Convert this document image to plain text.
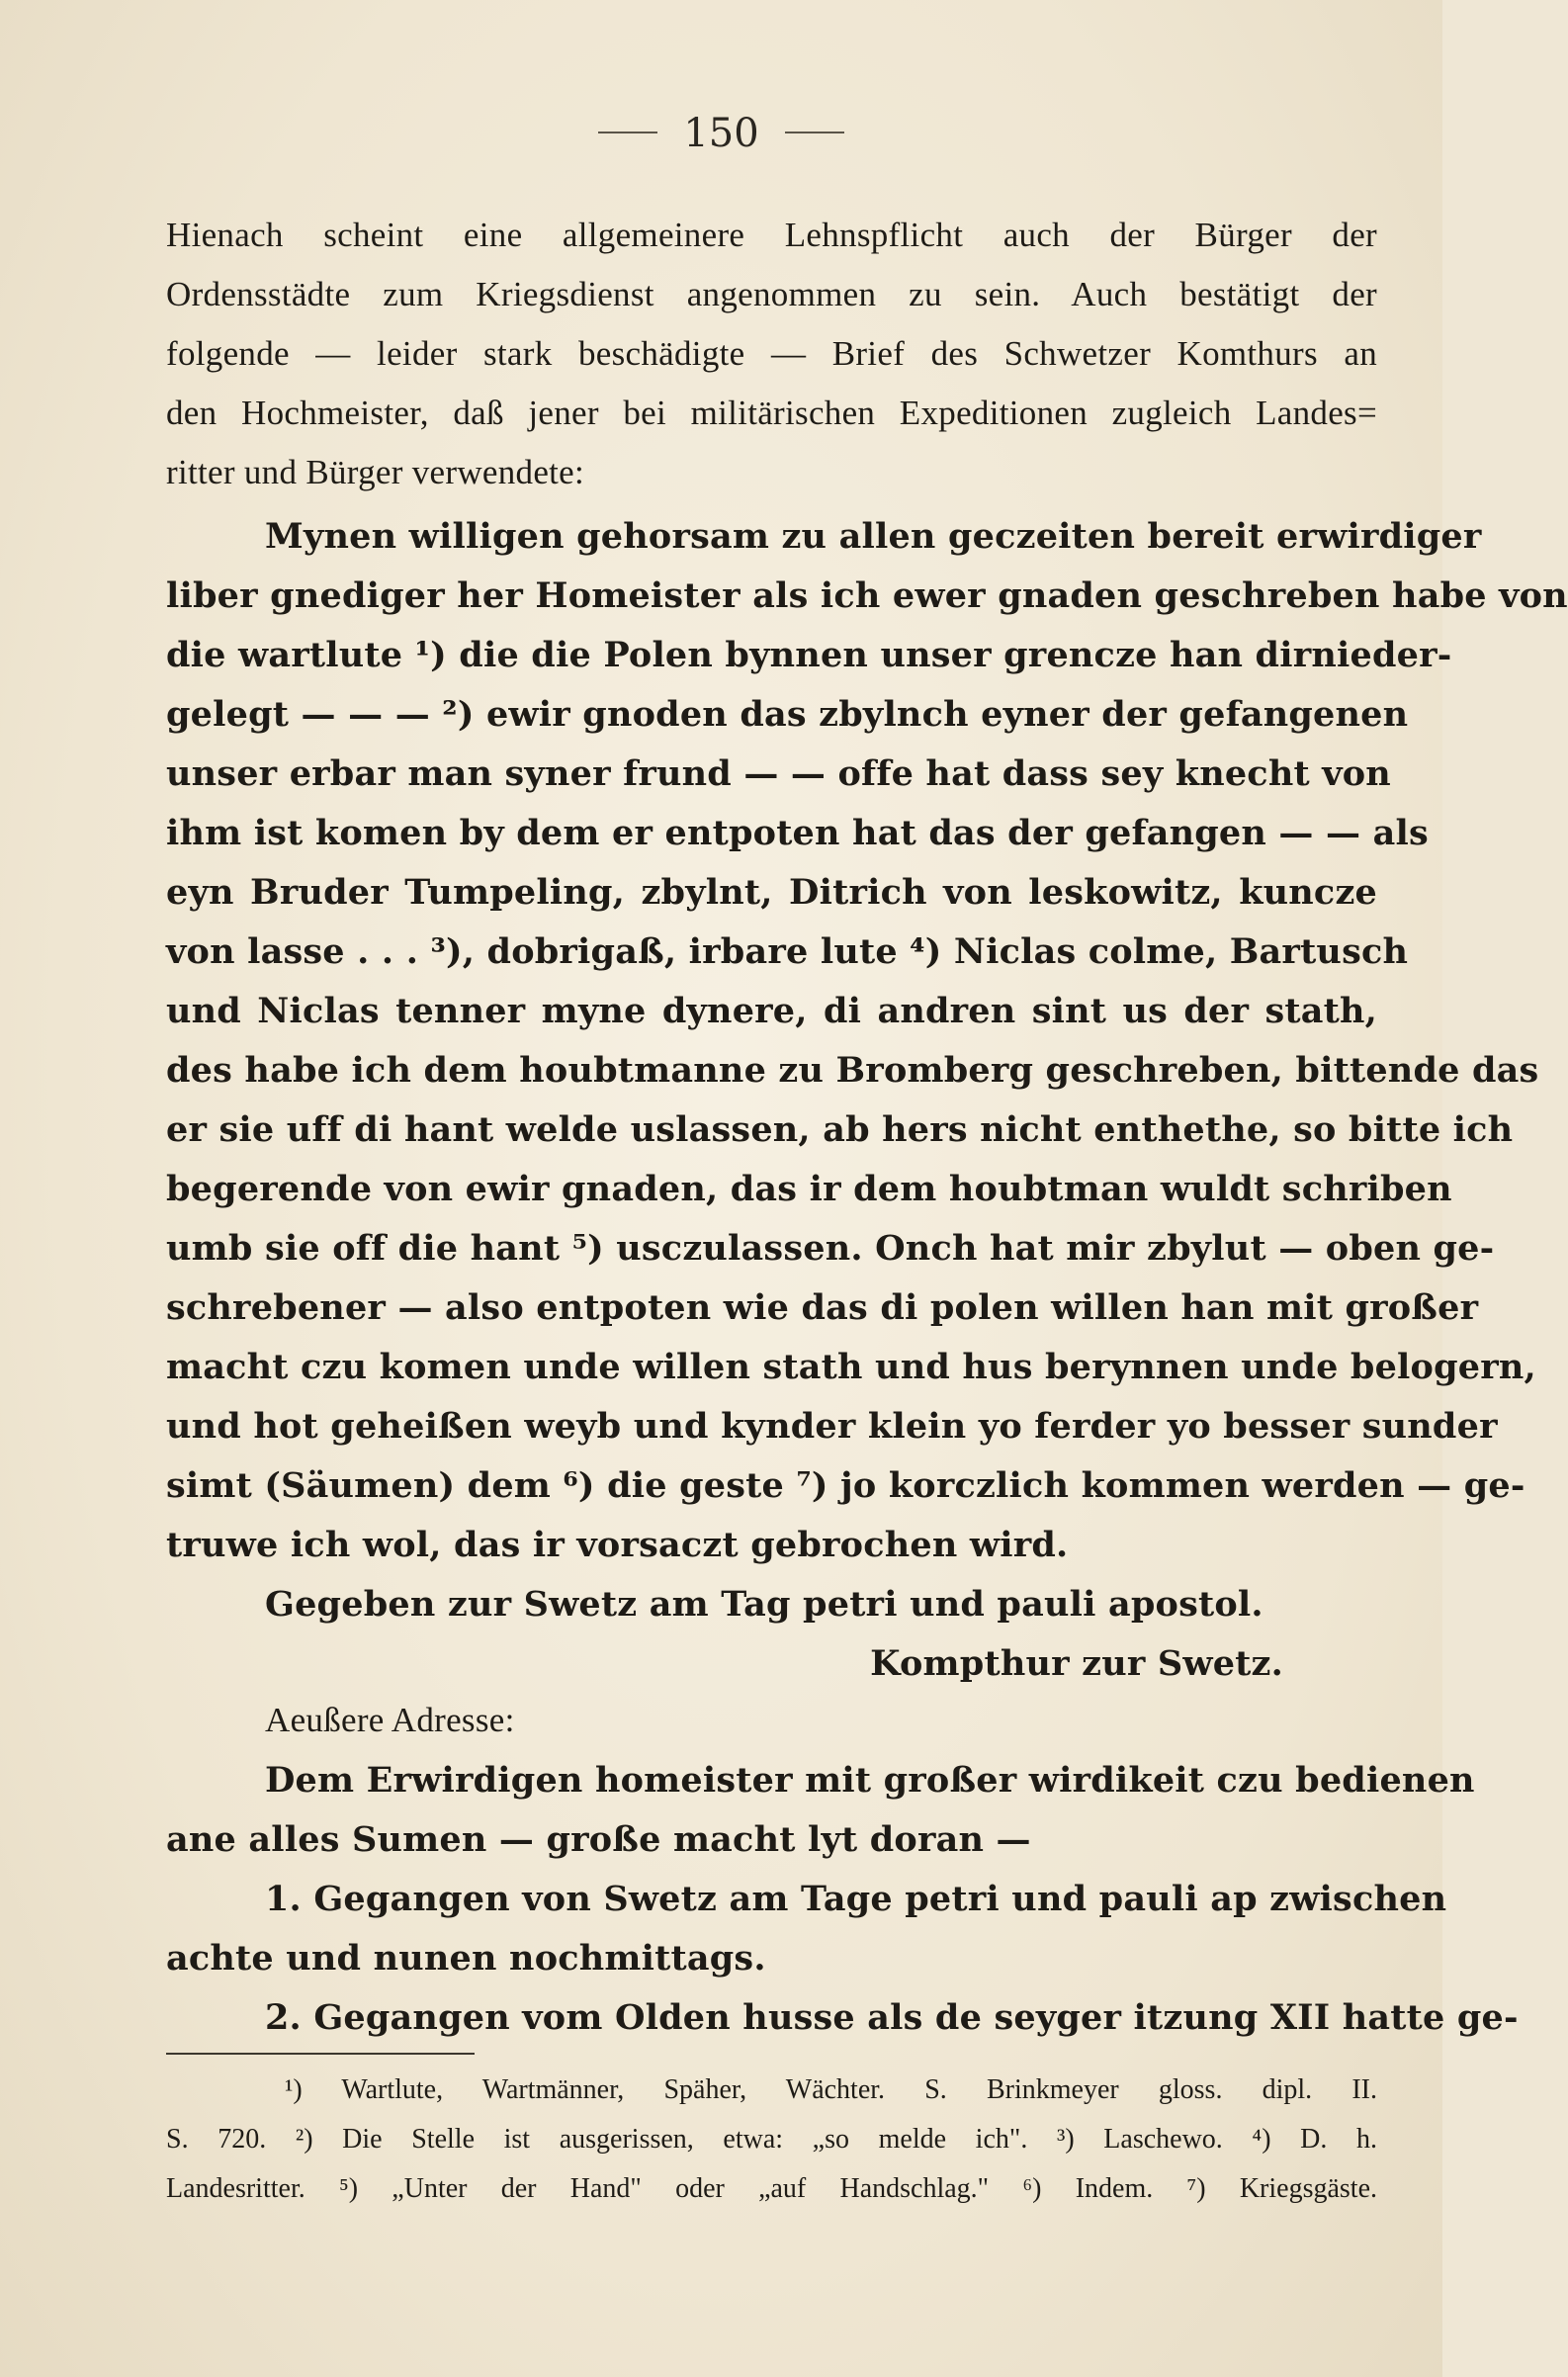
150
Hienach scheint eine allgemeinere Lehnspflicht auch der Bürger der
Ordensstädte zum Kriegsdienst angenommen zu sein. Auch bestätigt der
folgende — leider stark beschädigte — Brief des Schwetzer Komthurs an
den Hochmeister, daß jener bei militärischen Expeditionen zugleich Landes=
ritter und Bürger verwendete:
Mynen willigen gehorsam zu allen geczeiten bereit erwirdiger
liber gnediger her Homeister als ich ewer gnaden geschreben habe von
die wartlute ¹) die die Polen bynnen unser grencze han dirnieder-
gelegt — — — ²) ewir gnoden das zbylnch eyner der gefangenen
unser erbar man syner frund — — offe hat dass sey knecht von
ihm ist komen by dem er entpoten hat das der gefangen — — als
eyn Bruder Tumpeling, zbylnt, Ditrich von leskowitz, kuncze
von lasse . . . ³), dobrigaß, irbare lute ⁴) Niclas colme, Bartusch
und Niclas tenner myne dynere, di andren sint us der stath,
des habe ich dem houbtmanne zu Bromberg geschreben, bittende das
er sie uff di hant welde uslassen, ab hers nicht enthethe, so bitte ich
begerende von ewir gnaden, das ir dem houbtman wuldt schriben
umb sie off die hant ⁵) usczulassen. Onch hat mir zbylut — oben ge-
schrebener — also entpoten wie das di polen willen han mit großer
macht czu komen unde willen stath und hus berynnen unde belogern,
und hot geheißen weyb und kynder klein yo ferder yo besser sunder
simt (Säumen) dem ⁶) die geste ⁷) jo korczlich kommen werden — ge-
truwe ich wol, das ir vorsaczt gebrochen wird.
Gegeben zur Swetz am Tag petri und pauli apostol.
Kompthur zur Swetz.
Aeußere Adresse:
Dem Erwirdigen homeister mit großer wirdikeit czu bedienen
ane alles Sumen — große macht lyt doran —
1. Gegangen von Swetz am Tage petri und pauli ap zwischen
achte und nunen nochmittags.
2. Gegangen vom Olden husse als de seyger itzung XII hatte ge-
¹) Wartlute, Wartmänner, Späher, Wächter. S. Brinkmeyer gloss. dipl. II.
S. 720. ²) Die Stelle ist ausgerissen, etwa: „so melde ich". ³) Laschewo. ⁴) D. h.
Landesritter. ⁵) „Unter der Hand" oder „auf Handschlag." ⁶) Indem. ⁷) Kriegsgäste.
